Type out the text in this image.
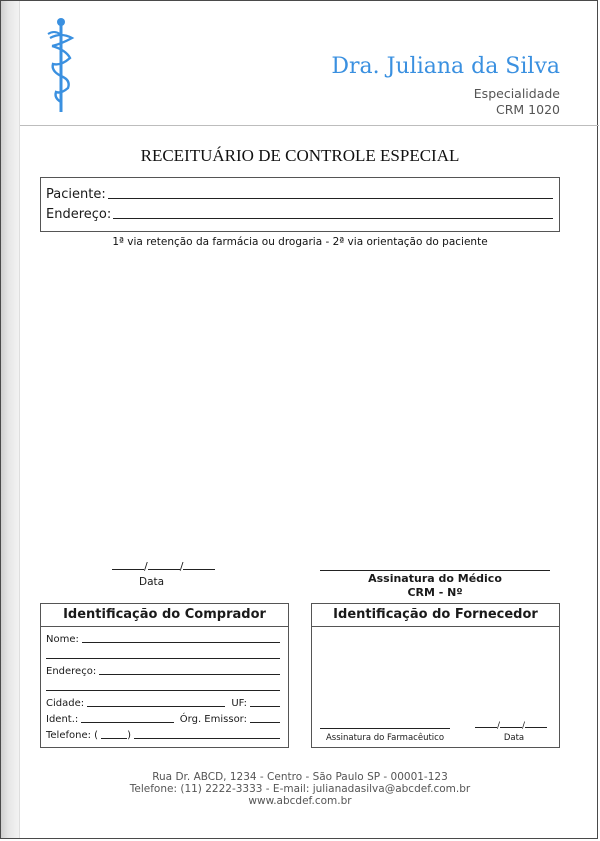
Dra. Juliana da Silva
Especialidade
CRM 1020
RECEITUÁRIO DE CONTROLE ESPECIAL
Paciente:
Endereço:
1ª via retenção da farmácia ou drogaria - 2ª via orientação do paciente
/	/
Data	Assinatura do Médico
CRM - Nº
Identificação do Comprador
Nome:
Endereço:
Cidade:	UF:
Ident.:	Órg. Emissor:
Telefone: (	)
Identificação do Fornecedor
Assinatura do Farmacêutico
/ /
Data
Rua Dr. ABCD, 1234 - Centro - São Paulo SP - 00001-123
Telefone: (11) 2222-3333 - E-mail: julianadasilva@abcdef.com.br
www.abcdef.com.br
